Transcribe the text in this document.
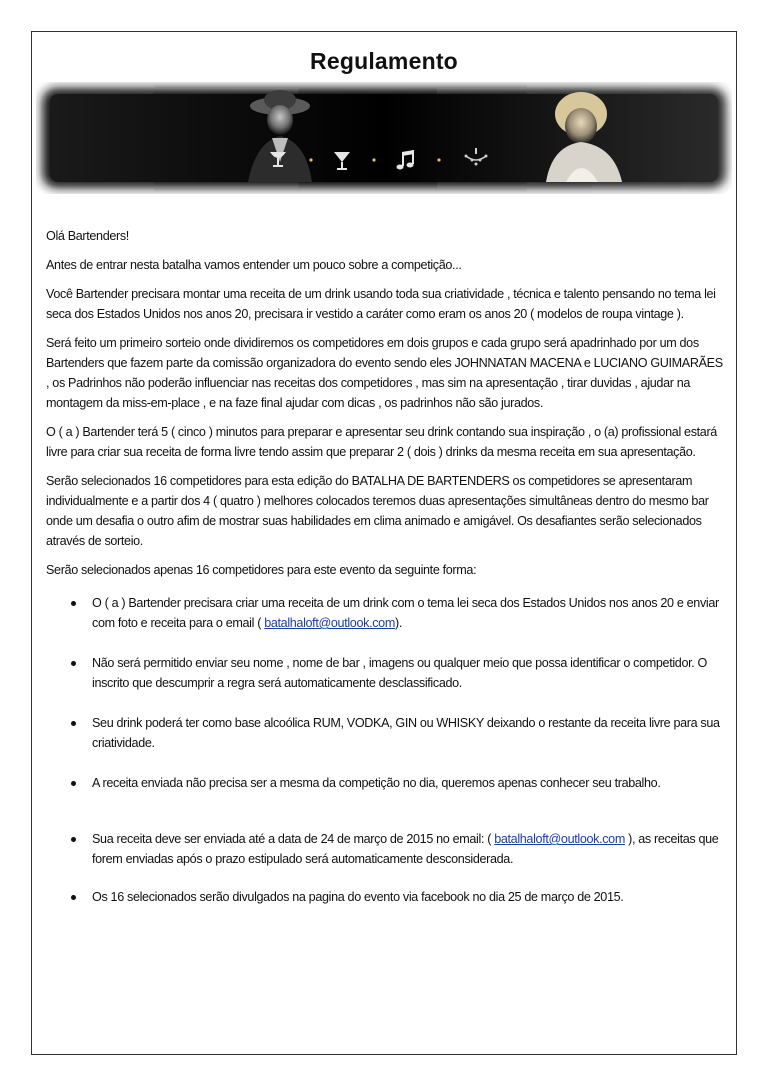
Regulamento

Olá Bartenders!

Antes de entrar nesta batalha vamos entender um pouco sobre a competição...

Você Bartender precisara montar uma receita de um drink usando toda sua criatividade , técnica e talento pensando no tema lei seca dos Estados Unidos nos anos 20, precisara ir vestido a caráter como eram os anos 20 ( modelos de roupa vintage ).

Será feito um primeiro sorteio onde dividiremos os competidores em dois grupos e cada grupo será apadrinhado por um dos Bartenders que fazem parte da comissão organizadora do evento sendo eles JOHNNATAN MACENA e LUCIANO GUIMARÃES , os Padrinhos não poderão influenciar nas receitas dos competidores , mas sim na apresentação , tirar duvidas , ajudar na montagem da miss-em-place , e na faze final ajudar com dicas , os padrinhos não são jurados.

O ( a ) Bartender terá 5 ( cinco ) minutos para preparar e apresentar seu drink contando sua inspiração , o (a) profissional estará livre para criar sua receita de forma livre tendo assim que preparar 2 ( dois ) drinks da mesma receita em sua apresentação.

Serão selecionados 16 competidores para esta edição do BATALHA DE BARTENDERS os competidores se apresentaram individualmente e a partir dos 4 ( quatro ) melhores colocados teremos duas apresentações simultâneas dentro do mesmo bar onde um desafia o outro afim de mostrar suas habilidades em clima animado e amigável. Os desafiantes serão selecionados através de sorteio.

Serão selecionados apenas 16 competidores para este evento da seguinte forma:

O ( a ) Bartender precisara criar uma receita de um drink com o tema lei seca dos Estados Unidos nos anos 20 e enviar com foto e receita para o email ( batalhaloft@outlook.com).
Não será permitido enviar seu nome , nome de bar , imagens ou qualquer meio que possa identificar o competidor. O inscrito que descumprir a regra será automaticamente desclassificado.
Seu drink poderá ter como base alcoólica RUM, VODKA, GIN ou WHISKY deixando o restante da receita livre para sua criatividade.
A receita enviada não precisa ser a mesma da competição no dia, queremos apenas conhecer seu trabalho.
Sua receita deve ser enviada até a data de 24 de março de 2015 no email: ( batalhaloft@outlook.com ), as receitas que forem enviadas após o prazo estipulado será automaticamente desconsiderada.
Os 16 selecionados serão divulgados na pagina do evento via facebook no dia 25 de março de 2015.
